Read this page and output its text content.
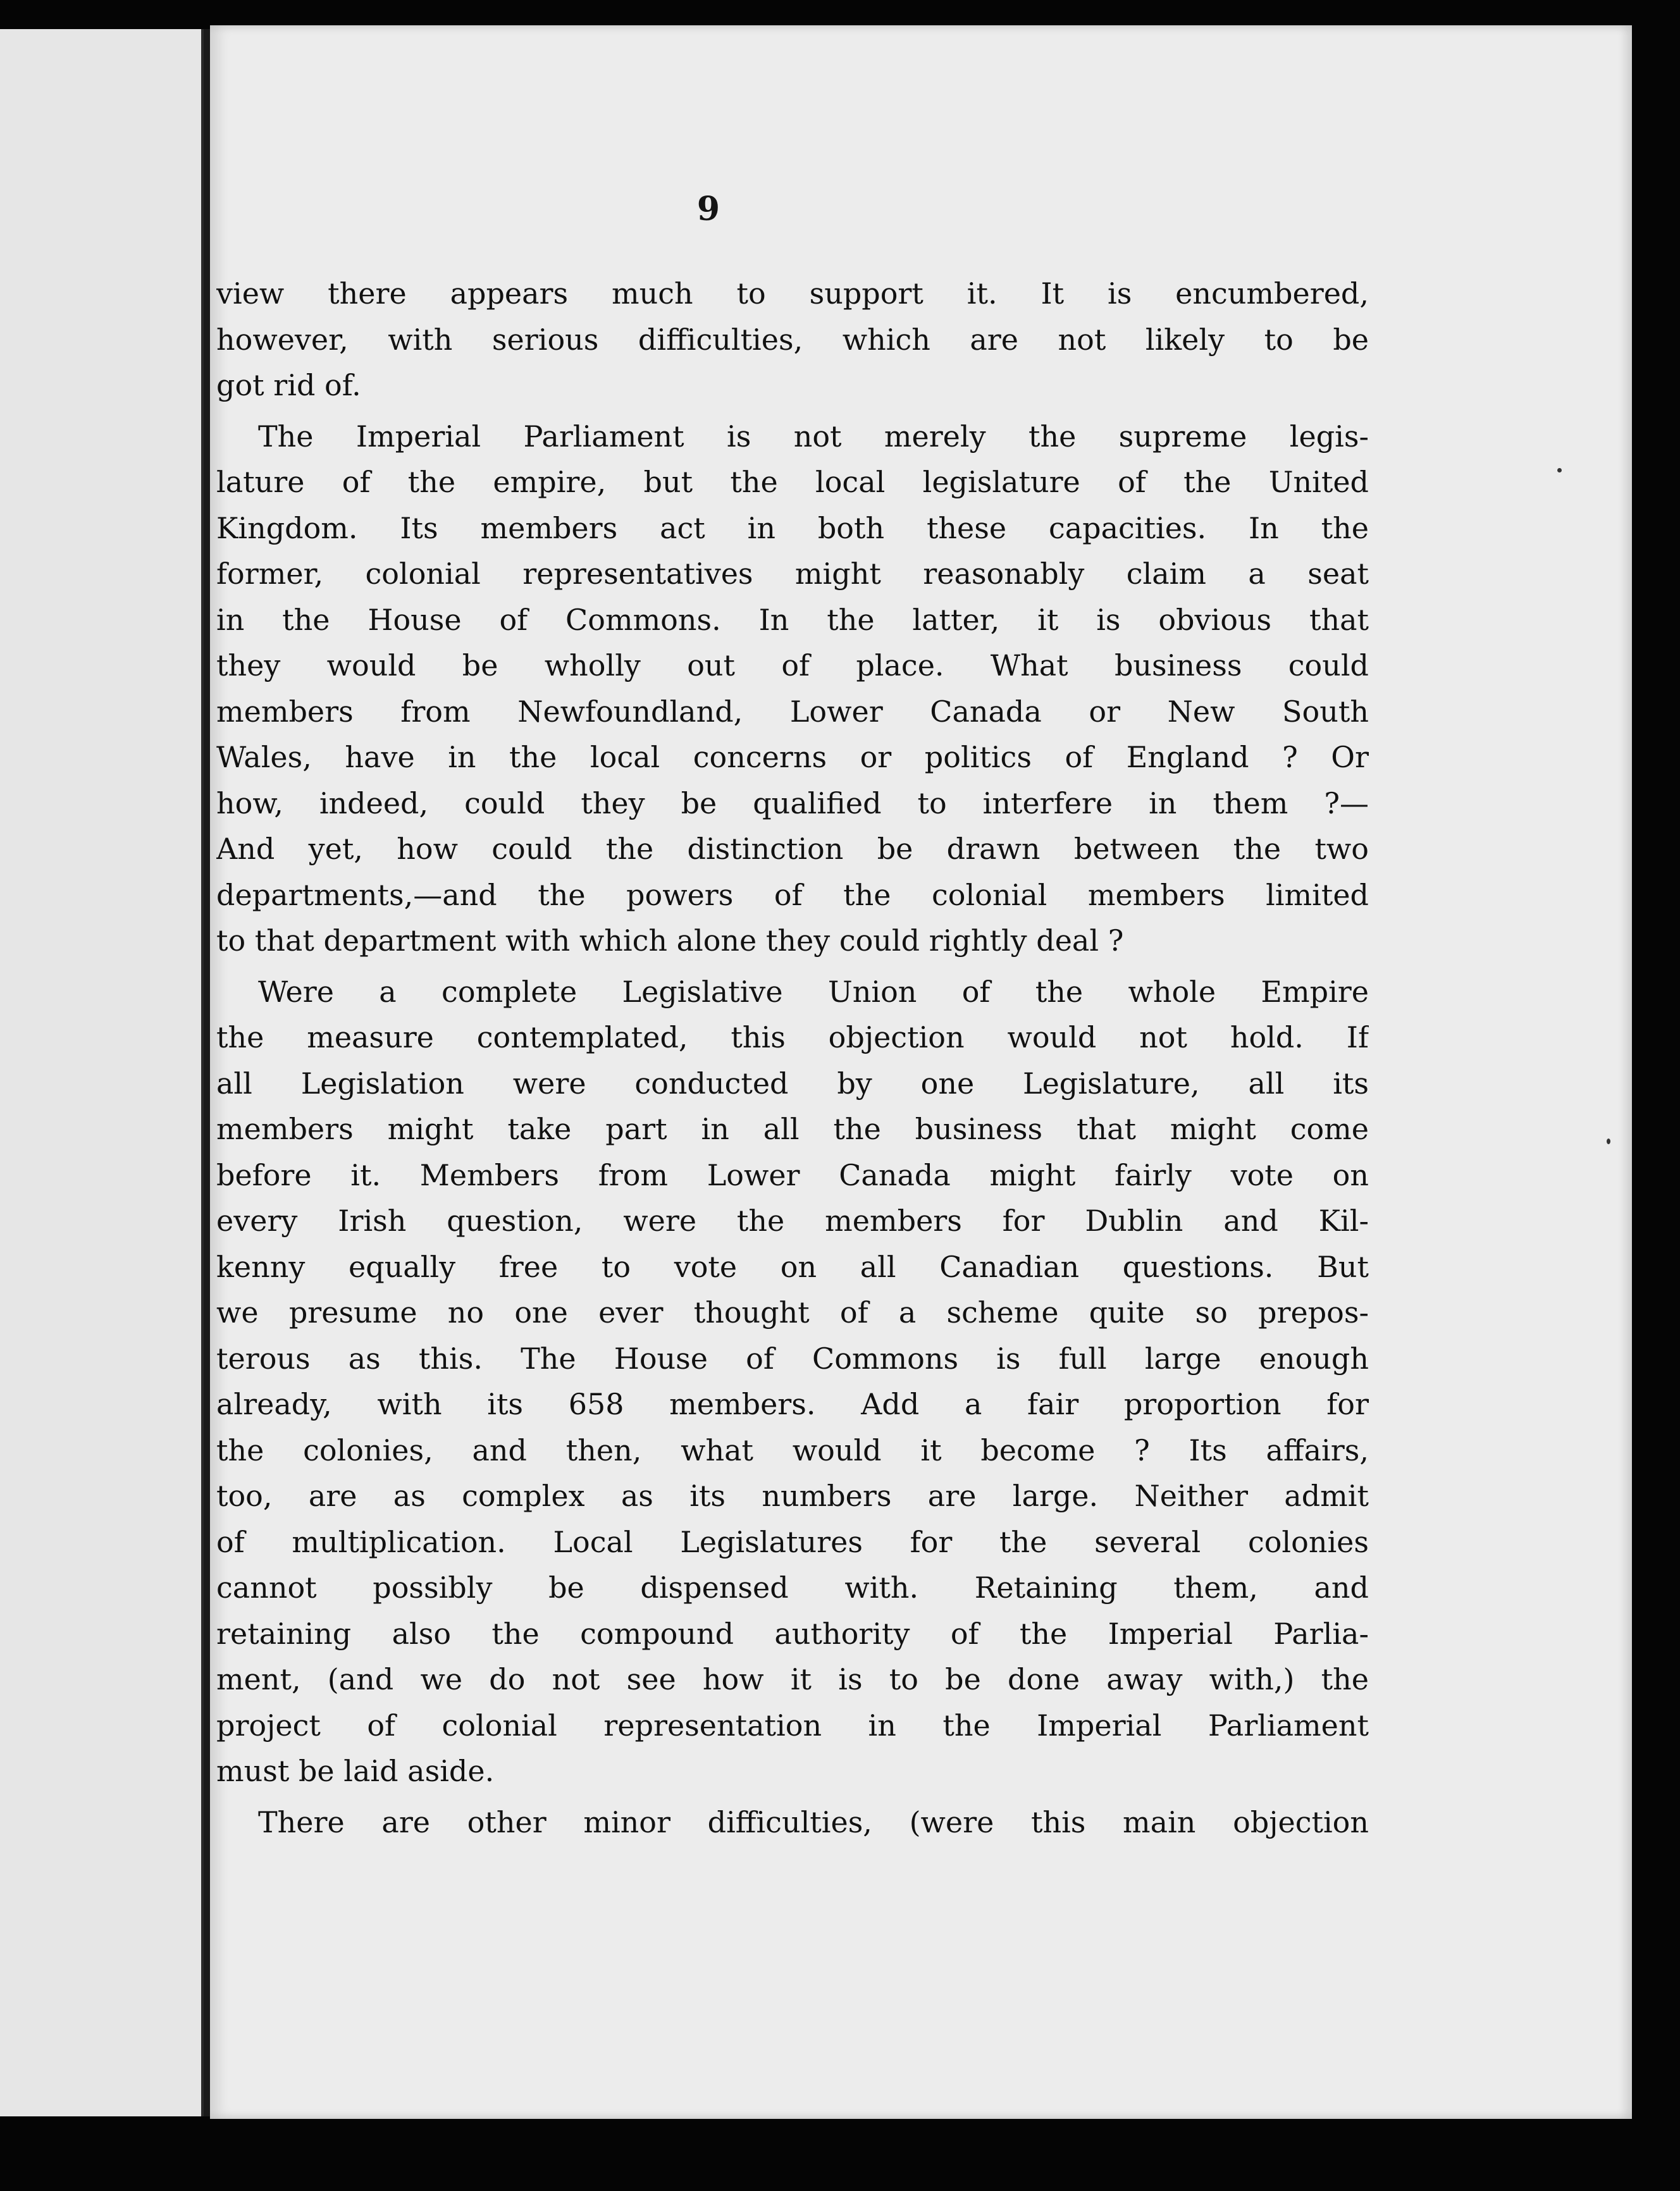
9

view there appears much to support it. It is encumbered,
however, with serious difficulties, which are not likely to be
got rid of.
The Imperial Parliament is not merely the supreme legis-
lature of the empire, but the local legislature of the United
Kingdom. Its members act in both these capacities. In the
former, colonial representatives might reasonably claim a seat
in the House of Commons. In the latter, it is obvious that
they would be wholly out of place. What business could
members from Newfoundland, Lower Canada or New South
Wales, have in the local concerns or politics of England ? Or
how, indeed, could they be qualified to interfere in them ?—
And yet, how could the distinction be drawn between the two
departments,—and the powers of the colonial members limited
to that department with which alone they could rightly deal ?
Were a complete Legislative Union of the whole Empire
the measure contemplated, this objection would not hold. If
all Legislation were conducted by one Legislature, all its
members might take part in all the business that might come
before it. Members from Lower Canada might fairly vote on
every Irish question, were the members for Dublin and Kil-
kenny equally free to vote on all Canadian questions. But
we presume no one ever thought of a scheme quite so prepos-
terous as this. The House of Commons is full large enough
already, with its 658 members. Add a fair proportion for
the colonies, and then, what would it become ? Its affairs,
too, are as complex as its numbers are large. Neither admit
of multiplication. Local Legislatures for the several colonies
cannot possibly be dispensed with. Retaining them, and
retaining also the compound authority of the Imperial Parlia-
ment, (and we do not see how it is to be done away with,) the
project of colonial representation in the Imperial Parliament
must be laid aside.
There are other minor difficulties, (were this main objection
